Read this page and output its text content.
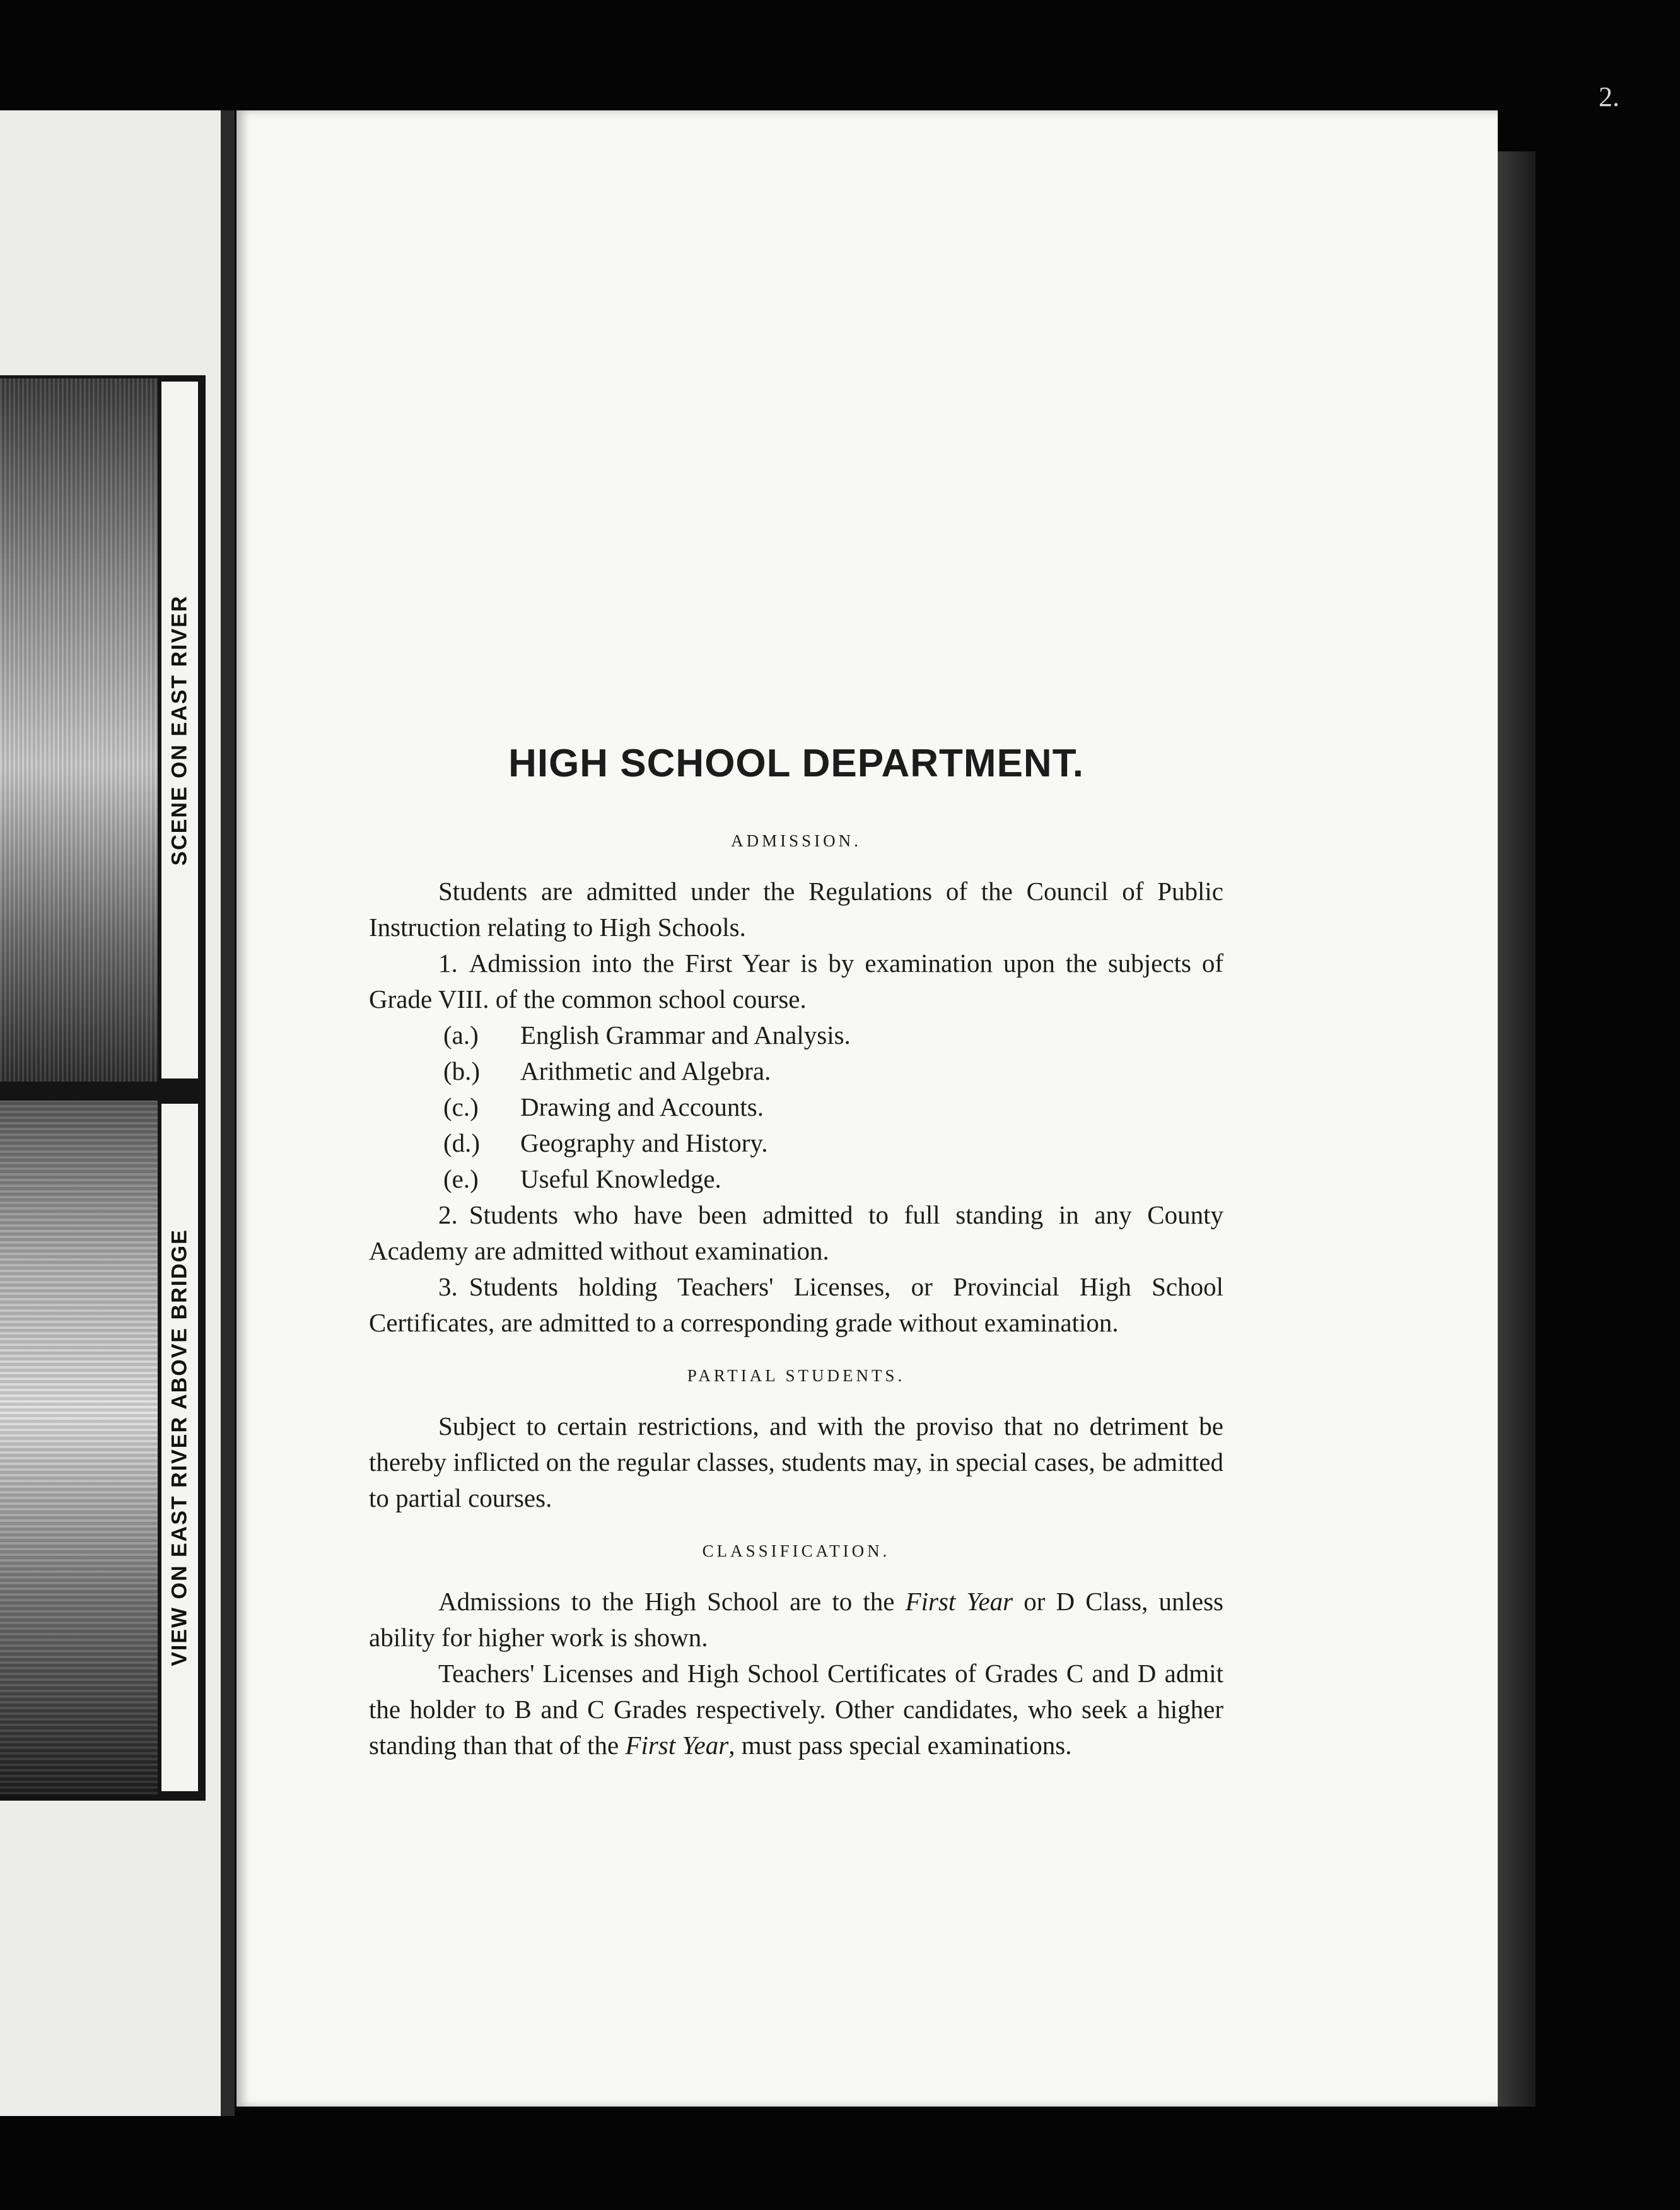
2.
SCENE ON EAST RIVER
VIEW ON EAST RIVER ABOVE BRIDGE
HIGH SCHOOL DEPARTMENT.
ADMISSION.

Students are admitted under the Regulations of the Council of Public Instruction relating to High Schools.

1. Admission into the First Year is by examination upon the subjects of Grade VIII. of the common school course.

(a.) English Grammar and Analysis.
(b.) Arithmetic and Algebra.
(c.) Drawing and Accounts.
(d.) Geography and History.
(e.) Useful Knowledge.

2. Students who have been admitted to full standing in any County Academy are admitted without examination.

3. Students holding Teachers' Licenses, or Provincial High School Certificates, are admitted to a corresponding grade without examination.

PARTIAL STUDENTS.

Subject to certain restrictions, and with the proviso that no detriment be thereby inflicted on the regular classes, students may, in special cases, be admitted to partial courses.

CLASSIFICATION.

Admissions to the High School are to the First Year or D Class, unless ability for higher work is shown.

Teachers' Licenses and High School Certificates of Grades C and D admit the holder to B and C Grades respectively. Other candidates, who seek a higher standing than that of the First Year, must pass special examinations.
